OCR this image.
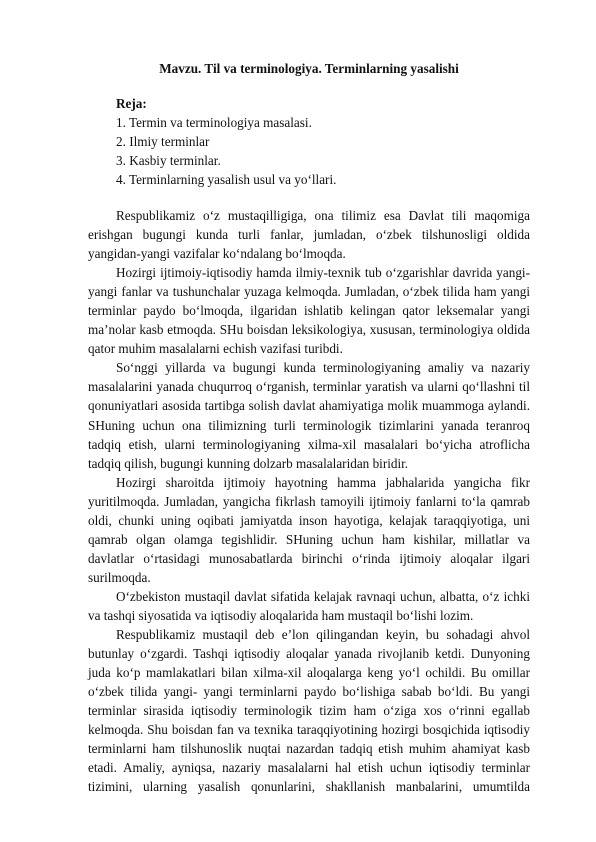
Mavzu. Til va terminologiya. Terminlarning yasalishi
Reja:
1. Termin va terminologiya masalasi.
2. Ilmiy terminlar
3. Kasbiy terminlar.
4. Terminlarning yasalish usul va yo‘llari.

Respublikamiz o‘z mustaqilligiga, ona tilimiz esa Davlat tili maqomiga erishgan bugungi kunda turli fanlar, jumladan, o‘zbek tilshunosligi oldida yangidan-yangi vazifalar ko‘ndalang bo‘lmoqda.

Hozirgi ijtimoiy-iqtisodiy hamda ilmiy-texnik tub o‘zgarishlar davrida yangi-yangi fanlar va tushunchalar yuzaga kelmoqda. Jumladan, o‘zbek tilida ham yangi terminlar paydo bo‘lmoqda, ilgaridan ishlatib kelingan qator leksemalar yangi ma’nolar kasb etmoqda. SHu boisdan leksikologiya, xususan, terminologiya oldida qator muhim masalalarni echish vazifasi turibdi.

So‘nggi yillarda va bugungi kunda terminologiyaning amaliy va nazariy masalalarini yanada chuqurroq o‘rganish, terminlar yaratish va ularni qo‘llashni til qonuniyatlari asosida tartibga solish davlat ahamiyatiga molik muammoga aylandi. SHuning uchun ona tilimizning turli terminologik tizimlarini yanada teranroq tadqiq etish, ularni terminologiyaning xilma-xil masalalari bo‘yicha atroflicha tadqiq qilish, bugungi kunning dolzarb masalalaridan biridir.

Hozirgi sharoitda ijtimoiy hayotning hamma jabhalarida yangicha fikr yuritilmoqda. Jumladan, yangicha fikrlash tamoyili ijtimoiy fanlarni to‘la qamrab oldi, chunki uning oqibati jamiyatda inson hayotiga, kelajak taraqqiyotiga, uni qamrab olgan olamga tegishlidir. SHuning uchun ham kishilar, millatlar va davlatlar o‘rtasidagi munosabatlarda birinchi o‘rinda ijtimoiy aloqalar ilgari surilmoqda.

O‘zbekiston mustaqil davlat sifatida kelajak ravnaqi uchun, albatta, o‘z ichki va tashqi siyosatida va iqtisodiy aloqalarida ham mustaqil bo‘lishi lozim.

Respublikamiz mustaqil deb e’lon qilingandan keyin, bu sohadagi ahvol butunlay o‘zgardi. Tashqi iqtisodiy aloqalar yanada rivojlanib ketdi. Dunyoning juda ko‘p mamlakatlari bilan xilma-xil aloqalarga keng yo‘l ochildi. Bu omillar o‘zbek tilida yangi- yangi terminlarni paydo bo‘lishiga sabab bo‘ldi. Bu yangi terminlar sirasida iqtisodiy terminologik tizim ham o‘ziga xos o‘rinni egallab kelmoqda. Shu boisdan fan va texnika taraqqiyotining hozirgi bosqichida iqtisodiy terminlarni ham tilshunoslik nuqtai nazardan tadqiq etish muhim ahamiyat kasb etadi. Amaliy, ayniqsa, nazariy masalalarni hal etish uchun iqtisodiy terminlar tizimini, ularning yasalish qonunlarini, shakllanish manbalarini, umumtilda
